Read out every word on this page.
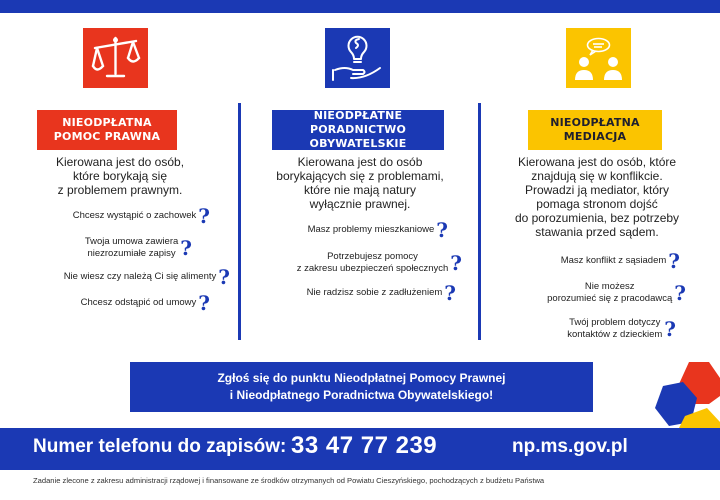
NIEODPŁATNA
POMOC PRAWNA
Kierowana jest do osób,
które borykają się
z problemem prawnym.
Chcesz wystąpić o zachowek ?
Twoja umowa zawiera
niezrozumiałe zapisy ?
Nie wiesz czy należą Ci się alimenty ?
Chcesz odstąpić od umowy ?
NIEODPŁATNE
PORADNICTWO OBYWATELSKIE
Kierowana jest do osób
borykających się z problemami,
które nie mają natury
wyłącznie prawnej.
Masz problemy mieszkaniowe ?
Potrzebujesz pomocy
z zakresu ubezpieczeń społecznych ?
Nie radzisz sobie z zadłużeniem ?
NIEODPŁATNA
MEDIACJA
Kierowana jest do osób, które
znajdują się w konflikcie.
Prowadzi ją mediator, który
pomaga stronom dojść
do porozumienia, bez potrzeby
stawania przed sądem.
Masz konflikt z sąsiadem ?
Nie możesz
porozumieć się z pracodawcą ?
Twój problem dotyczy
kontaktów z dzieckiem ?
Zgłoś się do punktu Nieodpłatnej Pomocy Prawnej
i Nieodpłatnego Poradnictwa Obywatelskiego!
Numer telefonu do zapisów: 33 47 77 239	np.ms.gov.pl
Zadanie zlecone z zakresu administracji rządowej i finansowane ze środków otrzymanych od Powiatu Cieszyńskiego, pochodzących z budżetu Państwa
